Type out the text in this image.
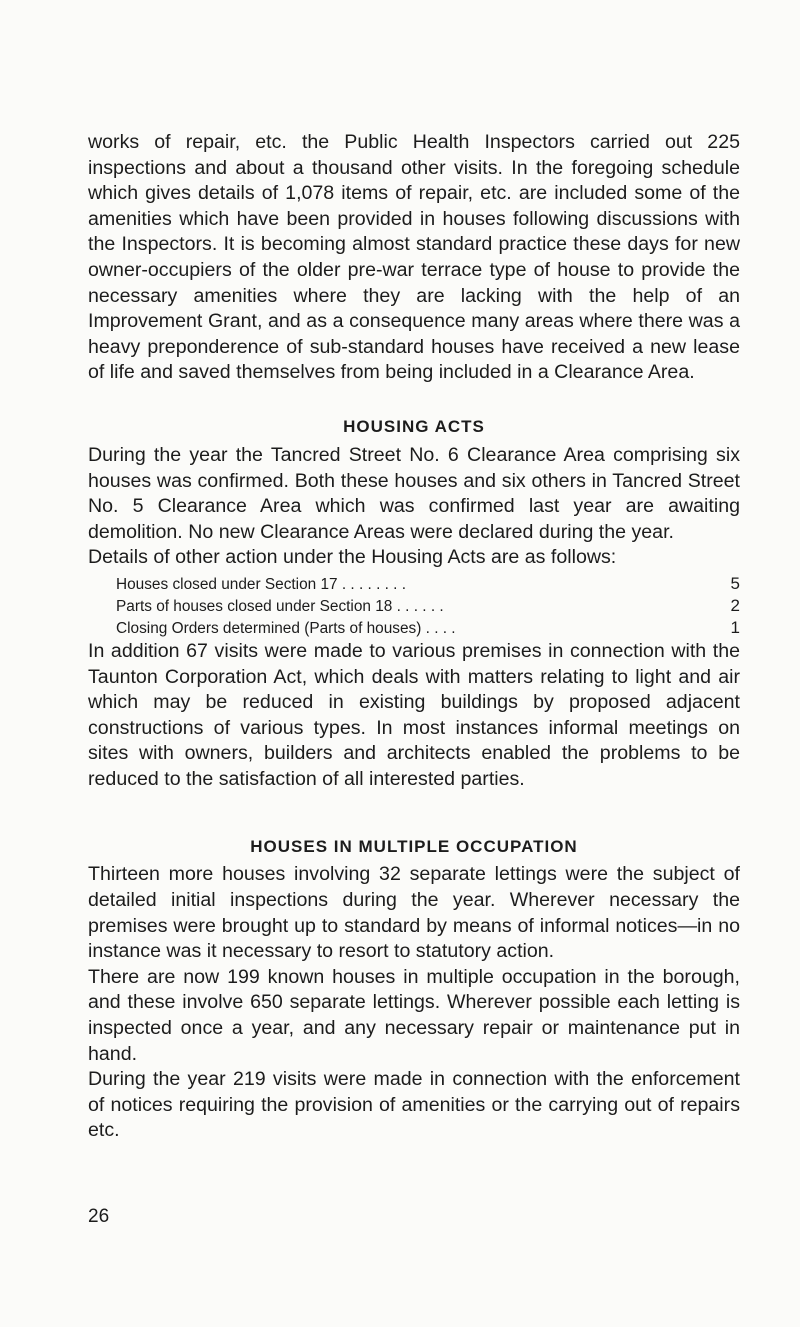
works of repair, etc. the Public Health Inspectors carried out 225 inspections and about a thousand other visits. In the foregoing schedule which gives details of 1,078 items of repair, etc. are included some of the amenities which have been provided in houses following discussions with the Inspectors. It is becoming almost standard practice these days for new owner-occupiers of the older pre-war terrace type of house to provide the necessary amenities where they are lacking with the help of an Improvement Grant, and as a consequence many areas where there was a heavy preponderence of sub-standard houses have received a new lease of life and saved themselves from being included in a Clearance Area.

HOUSING ACTS

During the year the Tancred Street No. 6 Clearance Area comprising six houses was confirmed. Both these houses and six others in Tancred Street No. 5 Clearance Area which was confirmed last year are awaiting demolition. No new Clearance Areas were declared during the year.

Details of other action under the Housing Acts are as follows:

Houses closed under Section 17 . . . . . . . .	5
Parts of houses closed under Section 18 . . . . . .	2
Closing Orders determined (Parts of houses) . . . .	1

In addition 67 visits were made to various premises in connection with the Taunton Corporation Act, which deals with matters relating to light and air which may be reduced in existing buildings by proposed adjacent constructions of various types. In most instances informal meetings on sites with owners, builders and architects enabled the problems to be reduced to the satisfaction of all interested parties.

HOUSES IN MULTIPLE OCCUPATION

Thirteen more houses involving 32 separate lettings were the subject of detailed initial inspections during the year. Wherever necessary the premises were brought up to standard by means of informal notices—in no instance was it necessary to resort to statutory action.

There are now 199 known houses in multiple occupation in the borough, and these involve 650 separate lettings. Wherever possible each letting is inspected once a year, and any necessary repair or maintenance put in hand.

During the year 219 visits were made in connection with the enforcement of notices requiring the provision of amenities or the carrying out of repairs etc.

26
